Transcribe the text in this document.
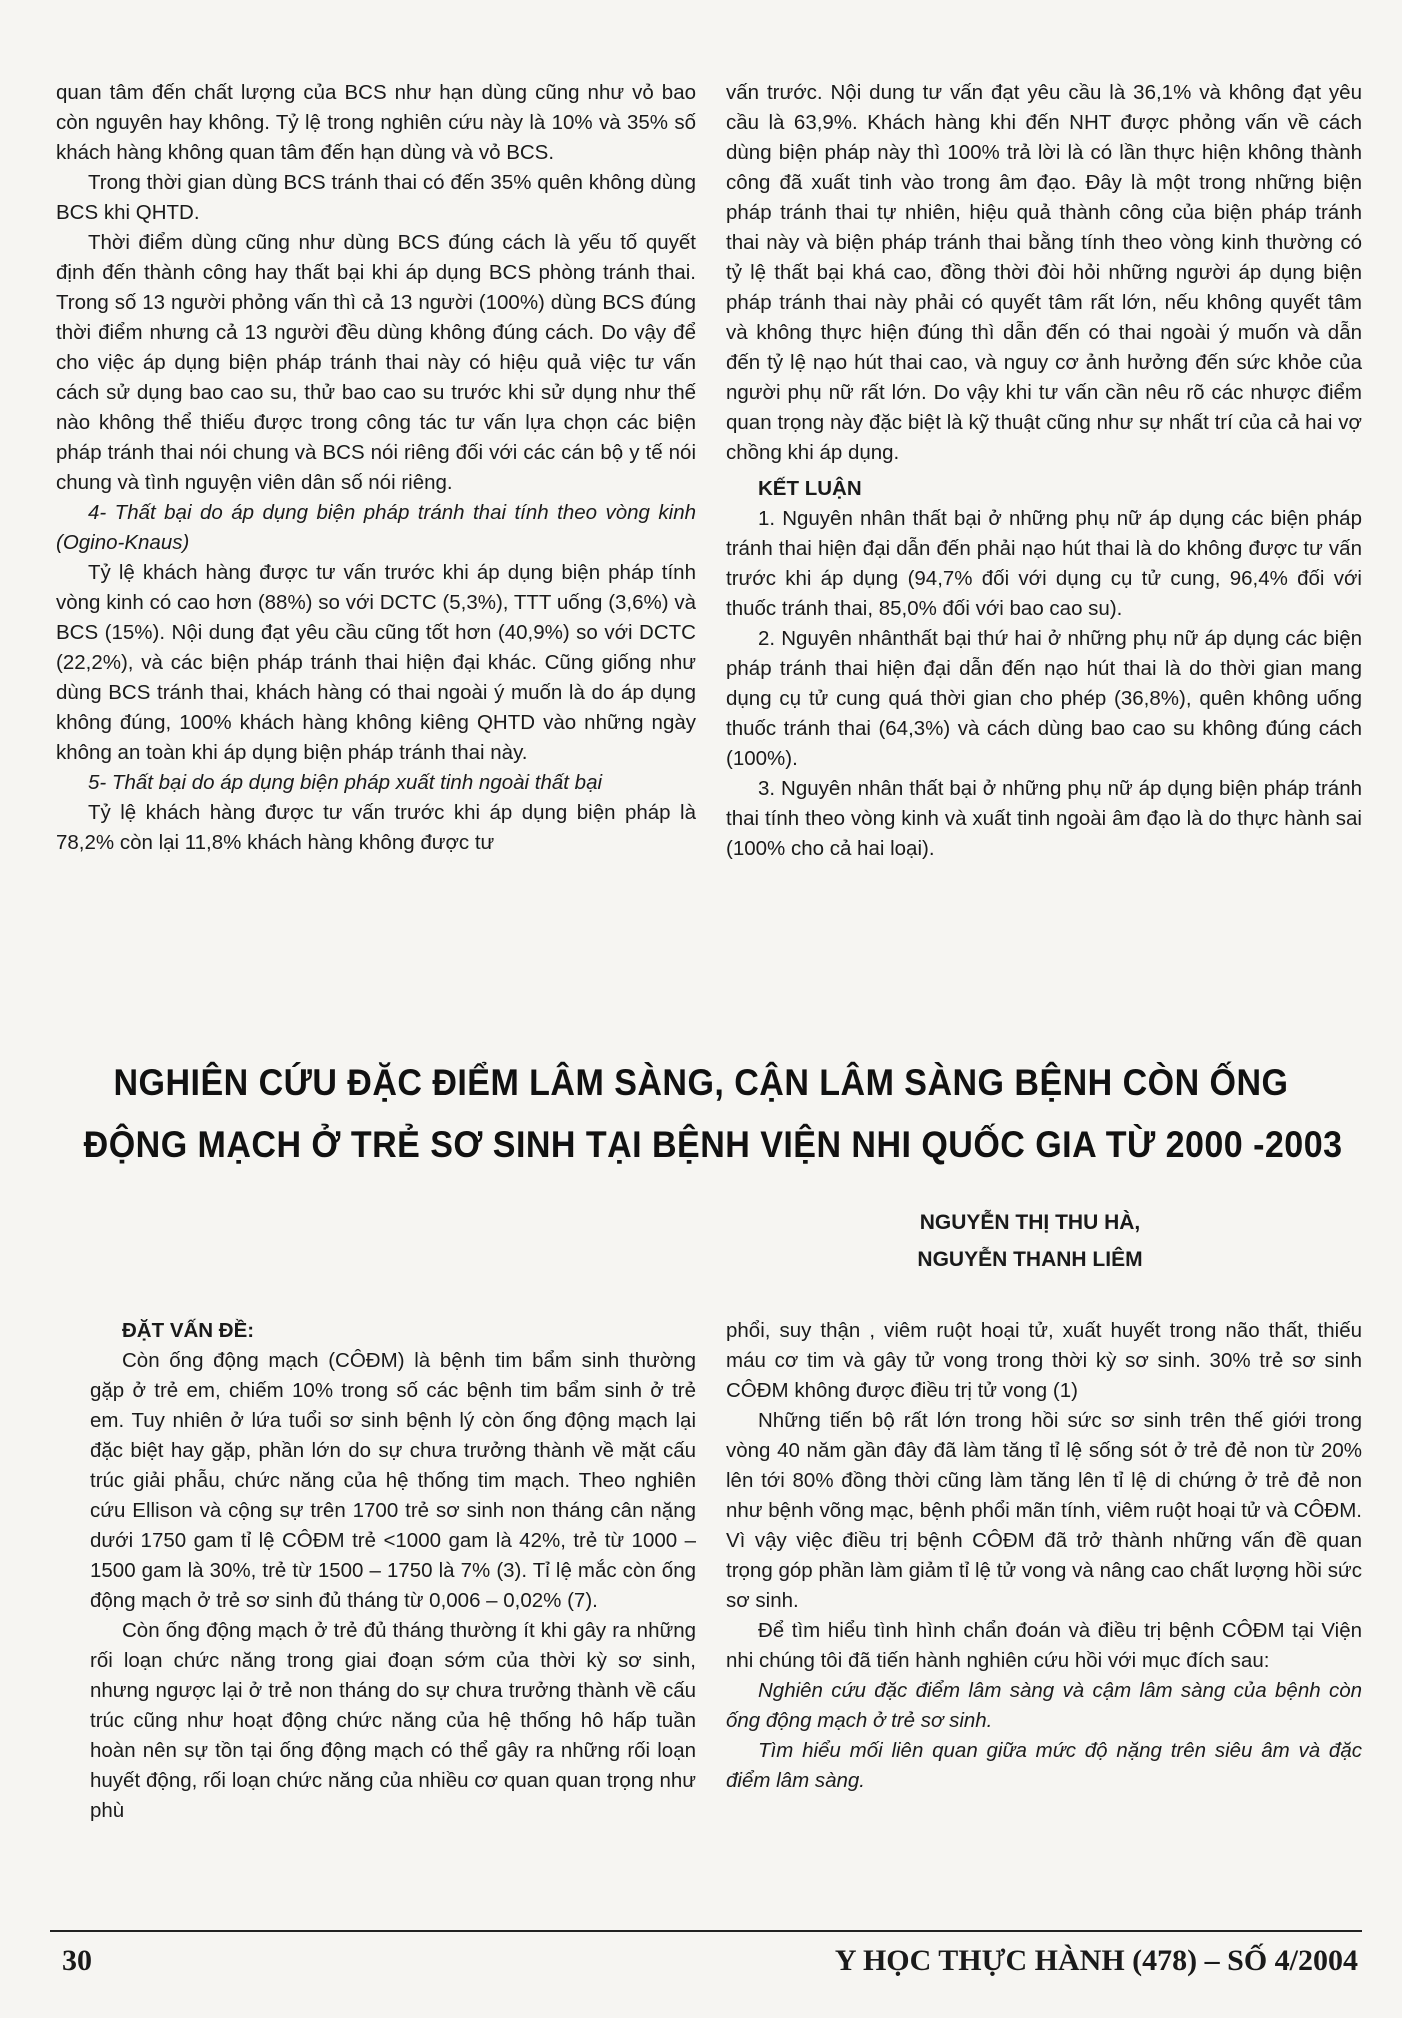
quan tâm đến chất lượng của BCS như hạn dùng cũng như vỏ bao còn nguyên hay không. Tỷ lệ trong nghiên cứu này là 10% và 35% số khách hàng không quan tâm đến hạn dùng và vỏ BCS.

Trong thời gian dùng BCS tránh thai có đến 35% quên không dùng BCS khi QHTD.

Thời điểm dùng cũng như dùng BCS đúng cách là yếu tố quyết định đến thành công hay thất bại khi áp dụng BCS phòng tránh thai. Trong số 13 người phỏng vấn thì cả 13 người (100%) dùng BCS đúng thời điểm nhưng cả 13 người đều dùng không đúng cách. Do vậy để cho việc áp dụng biện pháp tránh thai này có hiệu quả việc tư vấn cách sử dụng bao cao su, thử bao cao su trước khi sử dụng như thế nào không thể thiếu được trong công tác tư vấn lựa chọn các biện pháp tránh thai nói chung và BCS nói riêng đối với các cán bộ y tế nói chung và tình nguyện viên dân số nói riêng.

4- Thất bại do áp dụng biện pháp tránh thai tính theo vòng kinh (Ogino-Knaus)

Tỷ lệ khách hàng được tư vấn trước khi áp dụng biện pháp tính vòng kinh có cao hơn (88%) so với DCTC (5,3%), TTT uống (3,6%) và BCS (15%). Nội dung đạt yêu cầu cũng tốt hơn (40,9%) so với DCTC (22,2%), và các biện pháp tránh thai hiện đại khác. Cũng giống như dùng BCS tránh thai, khách hàng có thai ngoài ý muốn là do áp dụng không đúng, 100% khách hàng không kiêng QHTD vào những ngày không an toàn khi áp dụng biện pháp tránh thai này.

5- Thất bại do áp dụng biện pháp xuất tinh ngoài thất bại

Tỷ lệ khách hàng được tư vấn trước khi áp dụng biện pháp là 78,2% còn lại 11,8% khách hàng không được tư

vấn trước. Nội dung tư vấn đạt yêu cầu là 36,1% và không đạt yêu cầu là 63,9%. Khách hàng khi đến NHT được phỏng vấn về cách dùng biện pháp này thì 100% trả lời là có lần thực hiện không thành công đã xuất tinh vào trong âm đạo. Đây là một trong những biện pháp tránh thai tự nhiên, hiệu quả thành công của biện pháp tránh thai này và biện pháp tránh thai bằng tính theo vòng kinh thường có tỷ lệ thất bại khá cao, đồng thời đòi hỏi những người áp dụng biện pháp tránh thai này phải có quyết tâm rất lớn, nếu không quyết tâm và không thực hiện đúng thì dẫn đến có thai ngoài ý muốn và dẫn đến tỷ lệ nạo hút thai cao, và nguy cơ ảnh hưởng đến sức khỏe của người phụ nữ rất lớn. Do vậy khi tư vấn cần nêu rõ các nhược điểm quan trọng này đặc biệt là kỹ thuật cũng như sự nhất trí của cả hai vợ chồng khi áp dụng.

KẾT LUẬN

1. Nguyên nhân thất bại ở những phụ nữ áp dụng các biện pháp tránh thai hiện đại dẫn đến phải nạo hút thai là do không được tư vấn trước khi áp dụng (94,7% đối với dụng cụ tử cung, 96,4% đối với thuốc tránh thai, 85,0% đối với bao cao su).

2. Nguyên nhânthất bại thứ hai ở những phụ nữ áp dụng các biện pháp tránh thai hiện đại dẫn đến nạo hút thai là do thời gian mang dụng cụ tử cung quá thời gian cho phép (36,8%), quên không uống thuốc tránh thai (64,3%) và cách dùng bao cao su không đúng cách (100%).

3. Nguyên nhân thất bại ở những phụ nữ áp dụng biện pháp tránh thai tính theo vòng kinh và xuất tinh ngoài âm đạo là do thực hành sai (100% cho cả hai loại).

NGHIÊN CỨU ĐẶC ĐIỂM LÂM SÀNG, CẬN LÂM SÀNG BỆNH CÒN ỐNG
ĐỘNG MẠCH Ở TRẺ SƠ SINH TẠI BỆNH VIỆN NHI QUỐC GIA TỪ 2000 -2003
NGUYỄN THỊ THU HÀ,
NGUYỄN THANH LIÊM

ĐẶT VẤN ĐỀ:

Còn ống động mạch (CÔĐM) là bệnh tim bẩm sinh thường gặp ở trẻ em, chiếm 10% trong số các bệnh tim bẩm sinh ở trẻ em. Tuy nhiên ở lứa tuổi sơ sinh bệnh lý còn ống động mạch lại đặc biệt hay gặp, phần lớn do sự chưa trưởng thành về mặt cấu trúc giải phẫu, chức năng của hệ thống tim mạch. Theo nghiên cứu Ellison và cộng sự trên 1700 trẻ sơ sinh non tháng cân nặng dưới 1750 gam tỉ lệ CÔĐM trẻ <1000 gam là 42%, trẻ từ 1000 – 1500 gam là 30%, trẻ từ 1500 – 1750 là 7% (3). Tỉ lệ mắc còn ống động mạch ở trẻ sơ sinh đủ tháng từ 0,006 – 0,02% (7).

Còn ống động mạch ở trẻ đủ tháng thường ít khi gây ra những rối loạn chức năng trong giai đoạn sớm của thời kỳ sơ sinh, nhưng ngược lại ở trẻ non tháng do sự chưa trưởng thành về cấu trúc cũng như hoạt động chức năng của hệ thống hô hấp tuần hoàn nên sự tồn tại ống động mạch có thể gây ra những rối loạn huyết động, rối loạn chức năng của nhiều cơ quan quan trọng như phù

phổi, suy thận , viêm ruột hoại tử, xuất huyết trong não thất, thiếu máu cơ tim và gây tử vong trong thời kỳ sơ sinh. 30% trẻ sơ sinh CÔĐM không được điều trị tử vong (1)

Những tiến bộ rất lớn trong hồi sức sơ sinh trên thế giới trong vòng 40 năm gần đây đã làm tăng tỉ lệ sống sót ở trẻ đẻ non từ 20% lên tới 80% đồng thời cũng làm tăng lên tỉ lệ di chứng ở trẻ đẻ non như bệnh võng mạc, bệnh phổi mãn tính, viêm ruột hoại tử và CÔĐM. Vì vậy việc điều trị bệnh CÔĐM đã trở thành những vấn đề quan trọng góp phần làm giảm tỉ lệ tử vong và nâng cao chất lượng hồi sức sơ sinh.

Để tìm hiểu tình hình chẩn đoán và điều trị bệnh CÔĐM tại Viện nhi chúng tôi đã tiến hành nghiên cứu hồi với mục đích sau:

Nghiên cứu đặc điểm lâm sàng và cậm lâm sàng của bệnh còn ống động mạch ở trẻ sơ sinh.

Tìm hiểu mối liên quan giữa mức độ nặng trên siêu âm và đặc điểm lâm sàng.

30	Y HỌC THỰC HÀNH (478) – SỐ 4/2004
